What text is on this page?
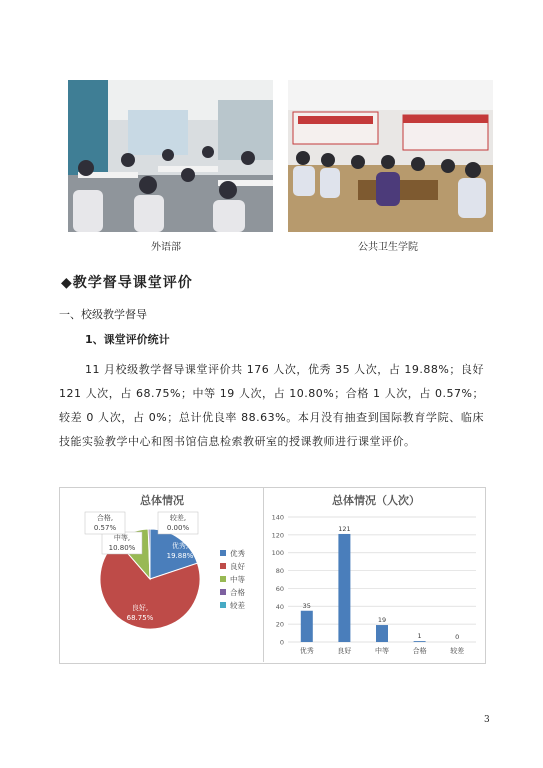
外语部	公共卫生学院
◆教学督导课堂评价
一、校级教学督导
1、课堂评价统计
11 月校级教学督导课堂评价共 176 人次，优秀 35 人次，占 19.88%；良好 121 人次，占 68.75%；中等 19 人次，占 10.80%；合格 1 人次，占 0.57%；较差 0 人次，占 0%；总计优良率 88.63%。本月没有抽查到国际教育学院、临床技能实验教学中心和图书馆信息检索教研室的授课教师进行课堂评价。
总体情况
优秀,
19.88%
良好,
68.75%
中等,
10.80%
合格,
0.57%
较差,
0.00%
优秀
良好
中等
合格
较差
总体情况（人次）
0
20
40
60
80
100
120
140
35
优秀
121
良好
19
中等
1
合格
0
较差
3
